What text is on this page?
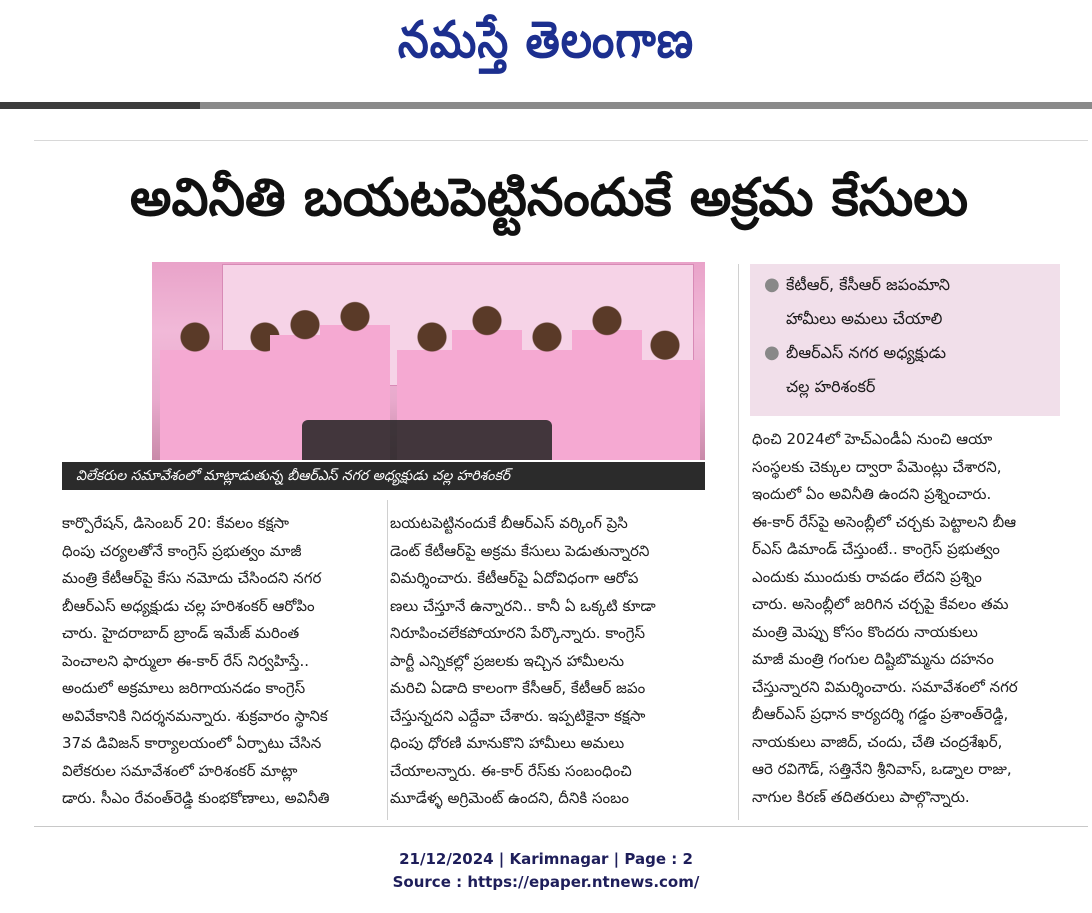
నమస్తే తెలంగాణ
అవినీతి బయటపెట్టినందుకే అక్రమ కేసులు
విలేకరుల సమావేశంలో మాట్లాడుతున్న బీఆర్ఎస్ నగర అధ్యక్షుడు చల్ల హరిశంకర్
● కేటీఆర్, కేసీఆర్ జపంమాని
హామీలు అమలు చేయాలి
● బీఆర్ఎస్ నగర అధ్యక్షుడు
చల్ల హరిశంకర్

కార్పొరేషన్, డిసెంబర్ 20: కేవలం కక్షసా

ధింపు చర్యలతోనే కాంగ్రెస్ ప్రభుత్వం మాజీ

మంత్రి కేటీఆర్‌పై కేసు నమోదు చేసిందని నగర

బీఆర్ఎస్ అధ్యక్షుడు చల్ల హరిశంకర్ ఆరోపిం

చారు. హైదరాబాద్ బ్రాండ్ ఇమేజ్ మరింత

పెంచాలని ఫార్ములా ఈ-కార్ రేస్ నిర్వహిస్తే..

అందులో అక్రమాలు జరిగాయనడం కాంగ్రెస్

అవివేకానికి నిదర్శనమన్నారు. శుక్రవారం స్థానిక

37వ డివిజన్ కార్యాలయంలో ఏర్పాటు చేసిన

విలేకరుల సమావేశంలో హరిశంకర్ మాట్లా

డారు. సీఎం రేవంత్‌రెడ్డి కుంభకోణాలు, అవినీతి

బయటపెట్టినందుకే బీఆర్ఎస్ వర్కింగ్ ప్రెసి

డెంట్ కేటీఆర్‌పై అక్రమ కేసులు పెడుతున్నారని

విమర్శించారు. కేటీఆర్‌పై ఏదోవిధంగా ఆరోప

ణలు చేస్తూనే ఉన్నారని.. కానీ ఏ ఒక్కటి కూడా

నిరూపించలేకపోయారని పేర్కొన్నారు. కాంగ్రెస్

పార్టీ ఎన్నికల్లో ప్రజలకు ఇచ్చిన హామీలను

మరిచి ఏడాది కాలంగా కేసీఆర్, కేటీఆర్ జపం

చేస్తున్నదని ఎద్దేవా చేశారు. ఇప్పటికైనా కక్షసా

ధింపు ధోరణి మానుకొని హామీలు అమలు

చేయాలన్నారు. ఈ-కార్ రేస్‌కు సంబంధించి

మూడేళ్ళ అగ్రిమెంట్ ఉందని, దీనికి సంబం

ధించి 2024లో హెచ్ఎండీఏ నుంచి ఆయా

సంస్థలకు చెక్కుల ద్వారా పేమెంట్లు చేశారని,

ఇందులో ఏం అవినీతి ఉందని ప్రశ్నించారు.

ఈ-కార్ రేస్‌పై అసెంబ్లీలో చర్చకు పెట్టాలని బీఆ

ర్ఎస్ డిమాండ్ చేస్తుంటే.. కాంగ్రెస్ ప్రభుత్వం

ఎందుకు ముందుకు రావడం లేదని ప్రశ్నిం

చారు. అసెంబ్లీలో జరిగిన చర్చపై కేవలం తమ

మంత్రి మెప్పు కోసం కొందరు నాయకులు

మాజీ మంత్రి గంగుల దిష్టిబొమ్మను దహనం

చేస్తున్నారని విమర్శించారు. సమావేశంలో నగర

బీఆర్ఎస్ ప్రధాన కార్యదర్శి గడ్డం ప్రశాంత్‌రెడ్డి,

నాయకులు వాజిద్, చందు, చేతి చంద్రశేఖర్,

ఆరె రవిగౌడ్, సత్తినేని శ్రీనివాస్, ఒడ్నాల రాజు,

నాగుల కిరణ్ తదితరులు పాల్గొన్నారు.

21/12/2024 | Karimnagar | Page : 2
Source : https://epaper.ntnews.com/
